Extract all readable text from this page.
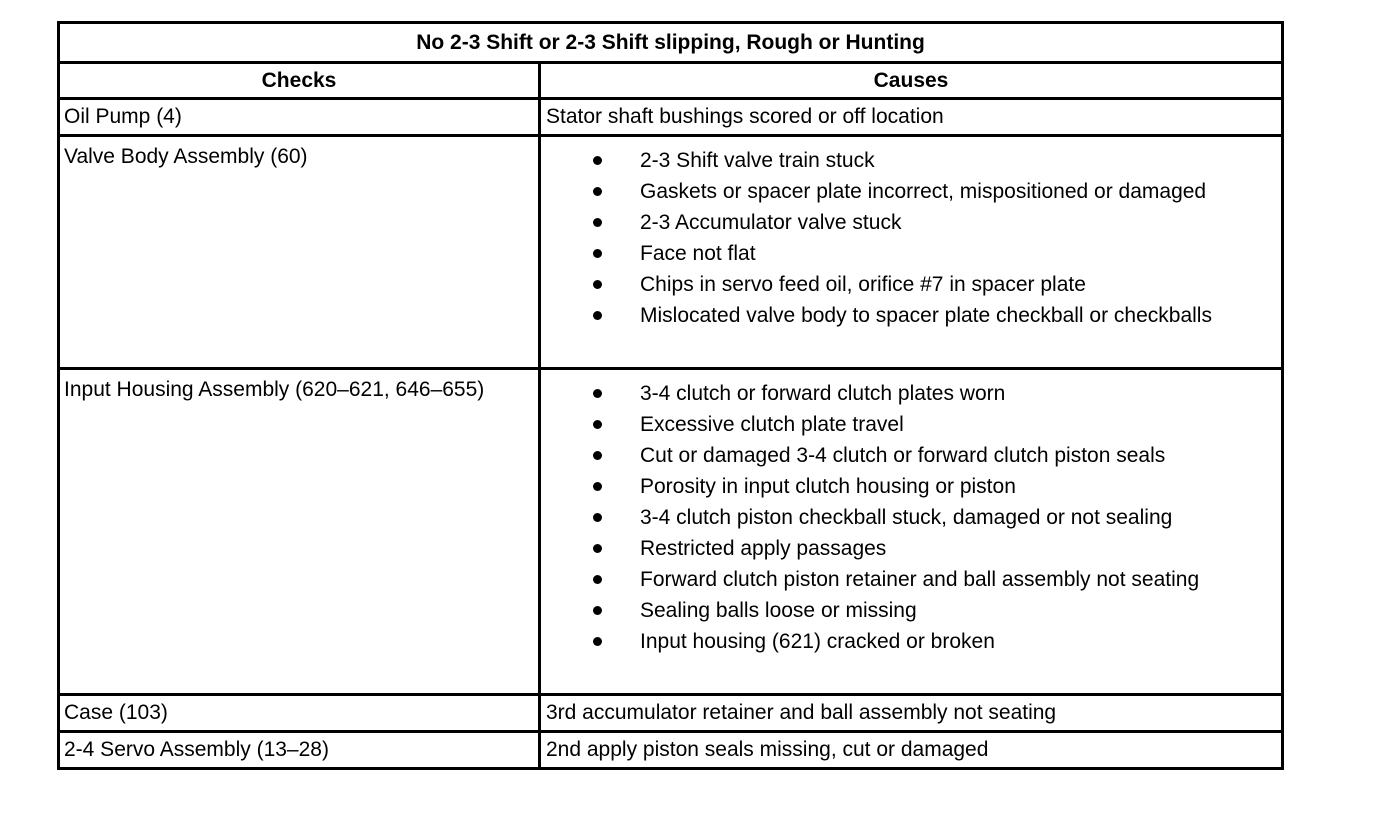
No 2-3 Shift or 2-3 Shift slipping, Rough or Hunting
Checks	Causes
Oil Pump (4)	Stator shaft bushings scored or off location
Valve Body Assembly (60)	2-3 Shift valve train stuck
Gaskets or spacer plate incorrect, mispositioned or damaged
2-3 Accumulator valve stuck
Face not flat
Chips in servo feed oil, orifice #7 in spacer plate
Mislocated valve body to spacer plate checkball or checkballs
Input Housing Assembly (620–621, 646–655)	3-4 clutch or forward clutch plates worn
Excessive clutch plate travel
Cut or damaged 3-4 clutch or forward clutch piston seals
Porosity in input clutch housing or piston
3-4 clutch piston checkball stuck, damaged or not sealing
Restricted apply passages
Forward clutch piston retainer and ball assembly not seating
Sealing balls loose or missing
Input housing (621) cracked or broken
Case (103)	3rd accumulator retainer and ball assembly not seating
2-4 Servo Assembly (13–28)	2nd apply piston seals missing, cut or damaged
